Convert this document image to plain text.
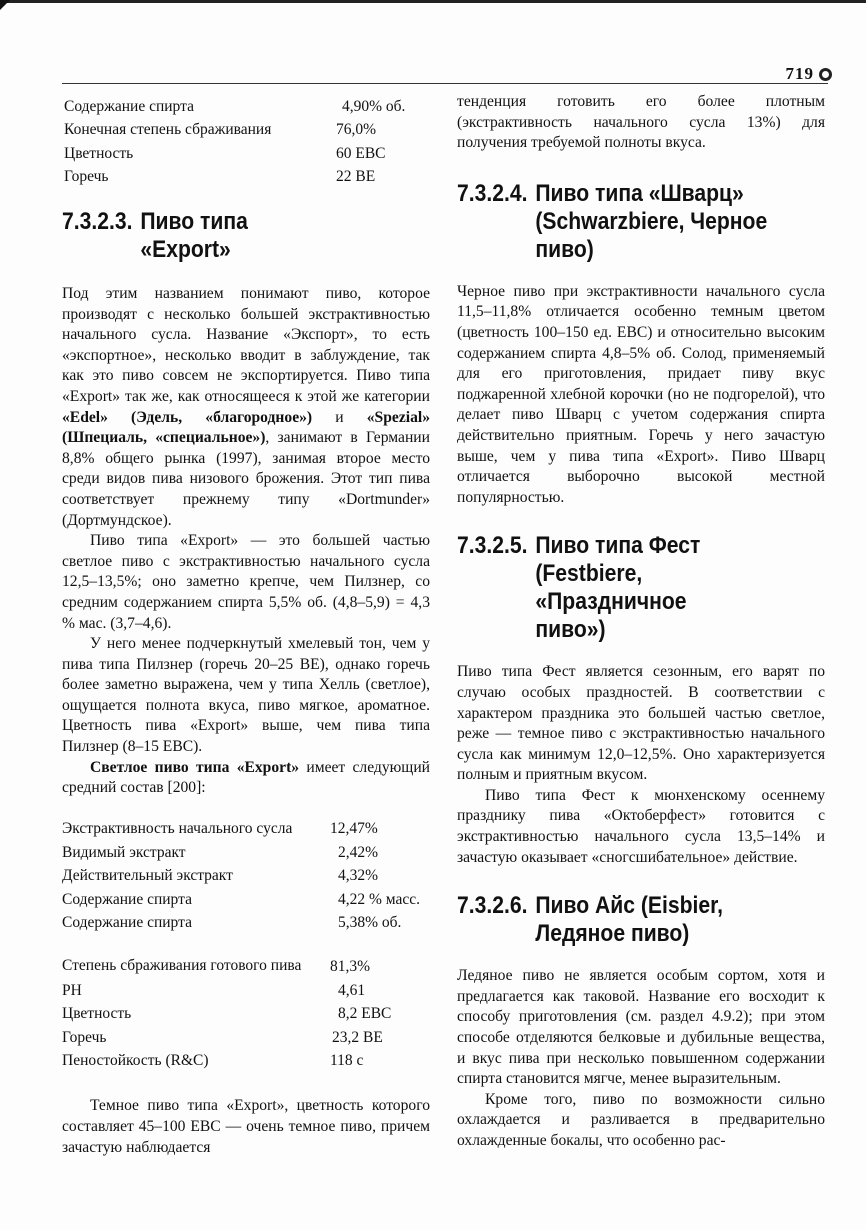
719
Содержание спирта	4,90% об.
Конечная степень сбраживания	76,0%
Цветность	60 EBC
Горечь	22 BE
7.3.2.3. Пиво типа «Export»

Под этим названием понимают пиво, которое производят с несколько большей экстрактивностью начального сусла. Название «Экспорт», то есть «экспортное», несколько вводит в заблуждение, так как это пиво совсем не экспортируется. Пиво типа «Export» так же, как относящееся к этой же категории «Edel» (Эдель, «благородное») и «Spezial» (Шпециаль, «специальное»), занимают в Германии 8,8% общего рынка (1997), занимая второе место среди видов пива низового брожения. Этот тип пива соответствует прежнему типу «Dortmunder» (Дортмундское).

Пиво типа «Export» — это большей частью светлое пиво с экстрактивностью начального сусла 12,5–13,5%; оно заметно крепче, чем Пилзнер, со средним содержанием спирта 5,5% об. (4,8–5,9) = 4,3 % мас. (3,7–4,6).

У него менее подчеркнутый хмелевый тон, чем у пива типа Пилзнер (горечь 20–25 BE), однако горечь более заметно выражена, чем у типа Хелль (светлое), ощущается полнота вкуса, пиво мягкое, ароматное. Цветность пива «Export» выше, чем пива типа Пилзнер (8–15 EBC).

Светлое пиво типа «Export» имеет следующий средний состав [200]:

Экстрактивность начального сусла	12,47%
Видимый экстракт	2,42%
Действительный экстракт	4,32%
Содержание спирта	4,22 % масс.
Содержание спирта	5,38% об.
Степень сбраживания готового пива	81,3%
PH	4,61
Цветность	8,2 EBC
Горечь	23,2 BE
Пеностойкость (R&C)	118 с

Темное пиво типа «Export», цветность которого составляет 45–100 EBC — очень темное пиво, причем зачастую наблюдается

тенденция готовить его более плотным (экстрактивность начального сусла 13%) для получения требуемой полноты вкуса.

7.3.2.4. Пиво типа «Шварц» (Schwarzbiere, Черное пиво)

Черное пиво при экстрактивности начального сусла 11,5–11,8% отличается особенно темным цветом (цветность 100–150 ед. EBC) и относительно высоким содержанием спирта 4,8–5% об. Солод, применяемый для его приготовления, придает пиву вкус поджаренной хлебной корочки (но не подгорелой), что делает пиво Шварц с учетом содержания спирта действительно приятным. Горечь у него зачастую выше, чем у пива типа «Export». Пиво Шварц отличается выборочно высокой местной популярностью.

7.3.2.5. Пиво типа Фест (Festbiere, «Праздничное пиво»)

Пиво типа Фест является сезонным, его варят по случаю особых праздностей. В соответствии с характером праздника это большей частью светлое, реже — темное пиво с экстрактивностью начального сусла как минимум 12,0–12,5%. Оно характеризуется полным и приятным вкусом.

Пиво типа Фест к мюнхенскому осеннему празднику пива «Октоберфест» готовится с экстрактивностью начального сусла 13,5–14% и зачастую оказывает «сногсшибательное» действие.

7.3.2.6. Пиво Айс (Eisbier, Ледяное пиво)

Ледяное пиво не является особым сортом, хотя и предлагается как таковой. Название его восходит к способу приготовления (см. раздел 4.9.2); при этом способе отделяются белковые и дубильные вещества, и вкус пива при несколько повышенном содержании спирта становится мягче, менее выразительным.

Кроме того, пиво по возможности сильно охлаждается и разливается в предварительно охлажденные бокалы, что особенно рас-
